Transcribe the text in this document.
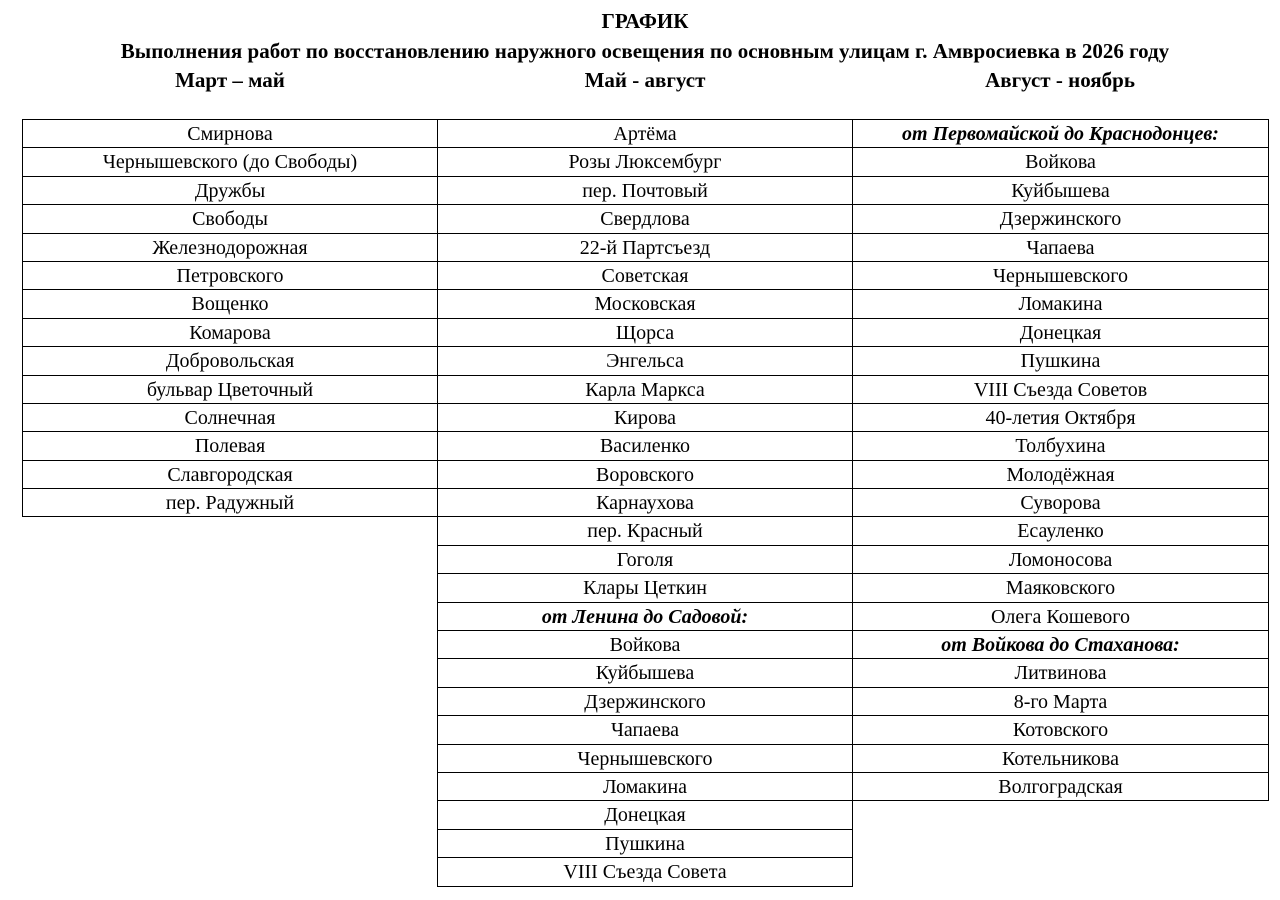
ГРАФИК
Выполнения работ по восстановлению наружного освещения по основным улицам г. Амвросиевка в 2026 году
Март – май	Май - август	Август - ноябрь
Смирнова
Чернышевского (до Свободы)
Дружбы
Свободы
Железнодорожная
Петровского
Вощенко
Комарова
Добровольская
бульвар Цветочный
Солнечная
Полевая
Славгородская
пер. Радужный
Артёма
Розы Люксембург
пер. Почтовый
Свердлова
22-й Партсъезд
Советская
Московская
Щорса
Энгельса
Карла Маркса
Кирова
Василенко
Воровского
Карнаухова
пер. Красный
Гоголя
Клары Цеткин
от Ленина до Садовой:
Войкова
Куйбышева
Дзержинского
Чапаева
Чернышевского
Ломакина
Донецкая
Пушкина
VIII Съезда Совета
от Первомайской до Краснодонцев:
Войкова
Куйбышева
Дзержинского
Чапаева
Чернышевского
Ломакина
Донецкая
Пушкина
VIII Съезда Советов
40-летия Октября
Толбухина
Молодёжная
Суворова
Есауленко
Ломоносова
Маяковского
Олега Кошевого
от Войкова до Стаханова:
Литвинова
8-го Марта
Котовского
Котельникова
Волгоградская
